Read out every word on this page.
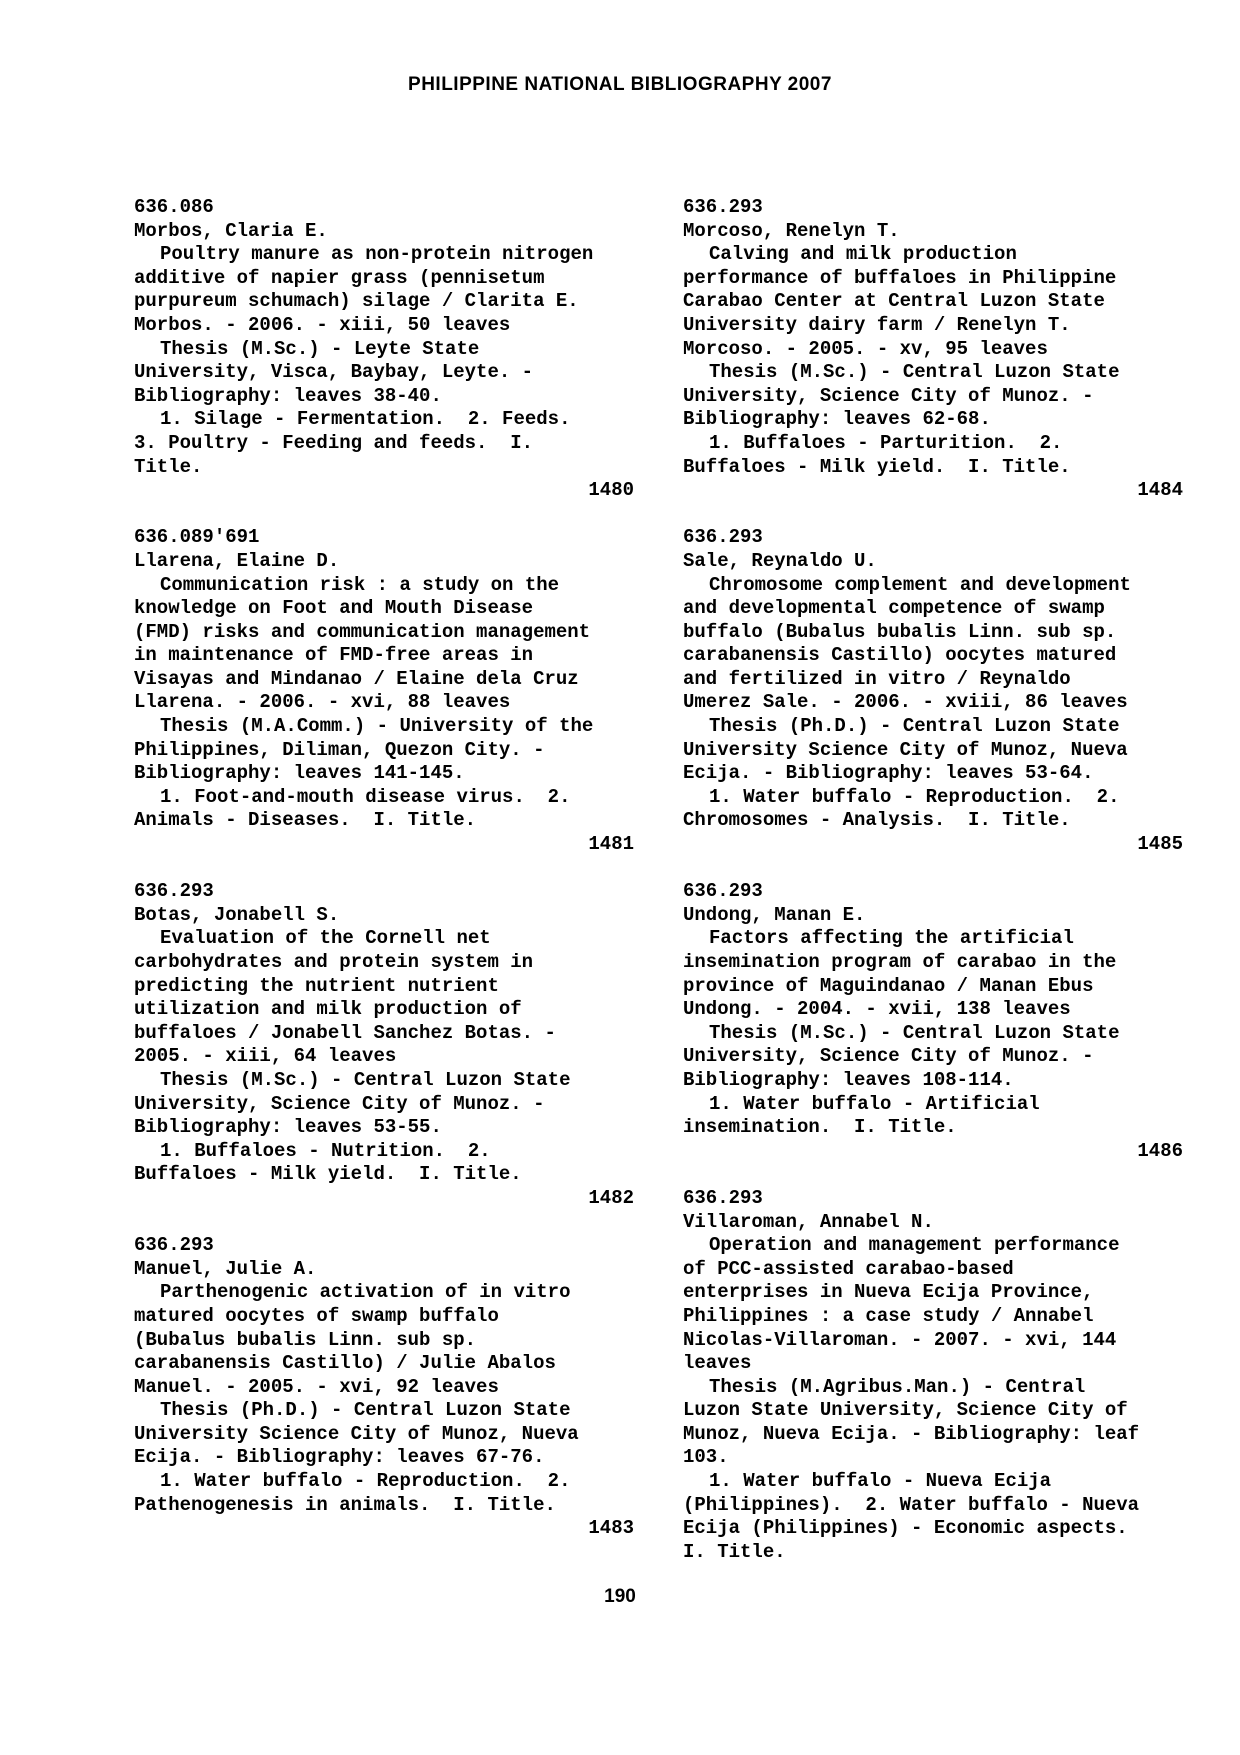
PHILIPPINE NATIONAL BIBLIOGRAPHY 2007
636.086
Morbos, Claria E.
Poultry manure as non-protein nitrogen
additive of napier grass (pennisetum
purpureum schumach) silage / Clarita E.
Morbos. - 2006. - xiii, 50 leaves
Thesis (M.Sc.) - Leyte State
University, Visca, Baybay, Leyte. -
Bibliography: leaves 38-40.
1. Silage - Fermentation.  2. Feeds.
3. Poultry - Feeding and feeds.  I.
Title.
1480
636.089'691
Llarena, Elaine D.
Communication risk : a study on the
knowledge on Foot and Mouth Disease
(FMD) risks and communication management
in maintenance of FMD-free areas in
Visayas and Mindanao / Elaine dela Cruz
Llarena. - 2006. - xvi, 88 leaves
Thesis (M.A.Comm.) - University of the
Philippines, Diliman, Quezon City. -
Bibliography: leaves 141-145.
1. Foot-and-mouth disease virus.  2.
Animals - Diseases.  I. Title.
1481
636.293
Botas, Jonabell S.
Evaluation of the Cornell net
carbohydrates and protein system in
predicting the nutrient nutrient
utilization and milk production of
buffaloes / Jonabell Sanchez Botas. -
2005. - xiii, 64 leaves
Thesis (M.Sc.) - Central Luzon State
University, Science City of Munoz. -
Bibliography: leaves 53-55.
1. Buffaloes - Nutrition.  2.
Buffaloes - Milk yield.  I. Title.
1482
636.293
Manuel, Julie A.
Parthenogenic activation of in vitro
matured oocytes of swamp buffalo
(Bubalus bubalis Linn. sub sp.
carabanensis Castillo) / Julie Abalos
Manuel. - 2005. - xvi, 92 leaves
Thesis (Ph.D.) - Central Luzon State
University Science City of Munoz, Nueva
Ecija. - Bibliography: leaves 67-76.
1. Water buffalo - Reproduction.  2.
Pathenogenesis in animals.  I. Title.
1483
636.293
Morcoso, Renelyn T.
Calving and milk production
performance of buffaloes in Philippine
Carabao Center at Central Luzon State
University dairy farm / Renelyn T.
Morcoso. - 2005. - xv, 95 leaves
Thesis (M.Sc.) - Central Luzon State
University, Science City of Munoz. -
Bibliography: leaves 62-68.
1. Buffaloes - Parturition.  2.
Buffaloes - Milk yield.  I. Title.
1484
636.293
Sale, Reynaldo U.
Chromosome complement and development
and developmental competence of swamp
buffalo (Bubalus bubalis Linn. sub sp.
carabanensis Castillo) oocytes matured
and fertilized in vitro / Reynaldo
Umerez Sale. - 2006. - xviii, 86 leaves
Thesis (Ph.D.) - Central Luzon State
University Science City of Munoz, Nueva
Ecija. - Bibliography: leaves 53-64.
1. Water buffalo - Reproduction.  2.
Chromosomes - Analysis.  I. Title.
1485
636.293
Undong, Manan E.
Factors affecting the artificial
insemination program of carabao in the
province of Maguindanao / Manan Ebus
Undong. - 2004. - xvii, 138 leaves
Thesis (M.Sc.) - Central Luzon State
University, Science City of Munoz. -
Bibliography: leaves 108-114.
1. Water buffalo - Artificial
insemination.  I. Title.
1486
636.293
Villaroman, Annabel N.
Operation and management performance
of PCC-assisted carabao-based
enterprises in Nueva Ecija Province,
Philippines : a case study / Annabel
Nicolas-Villaroman. - 2007. - xvi, 144
leaves
Thesis (M.Agribus.Man.) - Central
Luzon State University, Science City of
Munoz, Nueva Ecija. - Bibliography: leaf
103.
1. Water buffalo - Nueva Ecija
(Philippines).  2. Water buffalo - Nueva
Ecija (Philippines) - Economic aspects.
I. Title.
190
